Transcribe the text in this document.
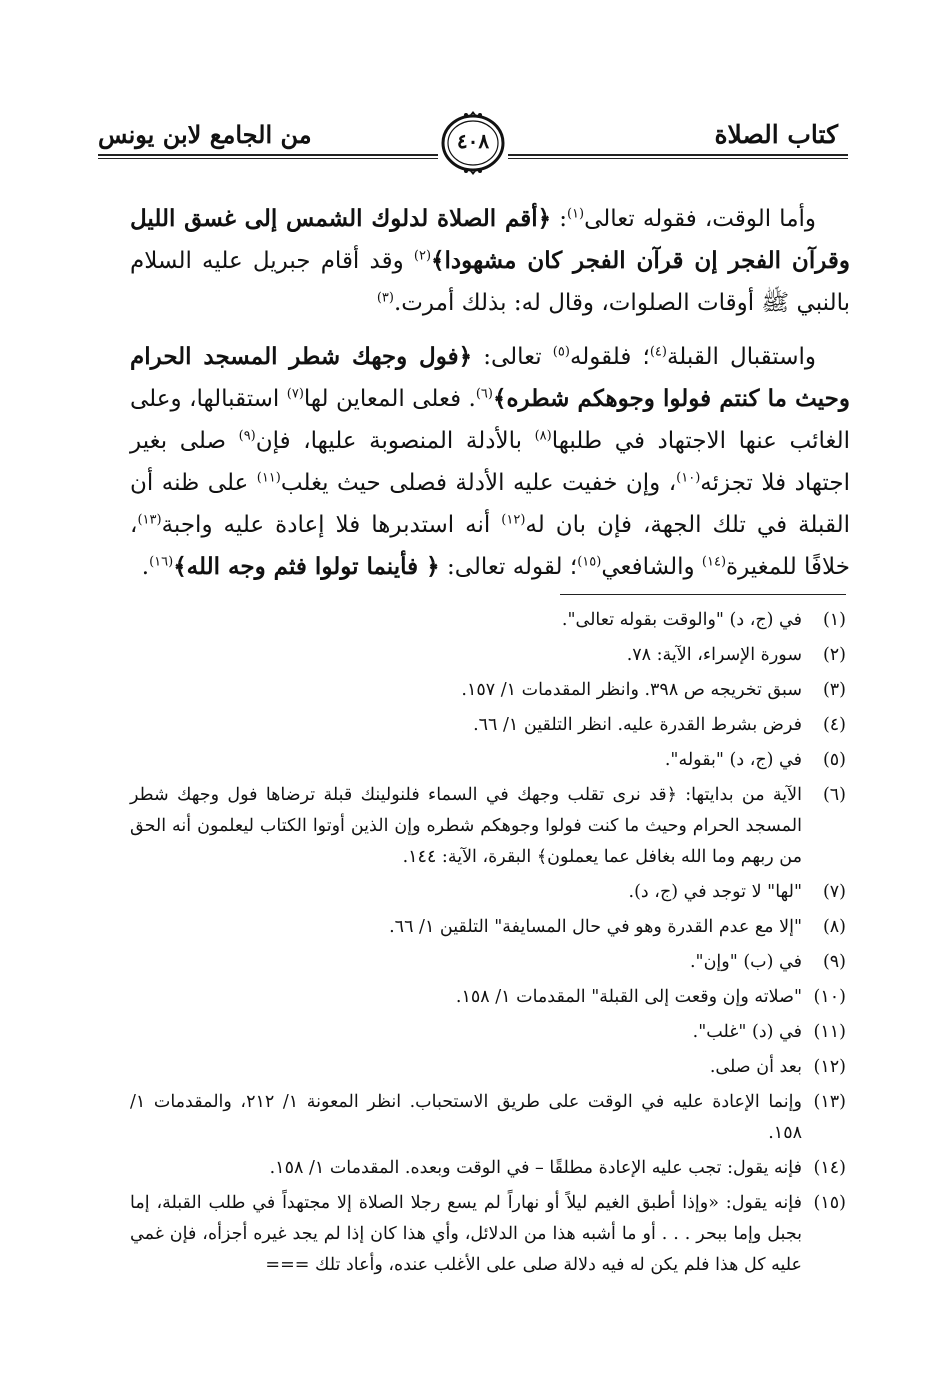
كتاب الصلاة
من الجامع لابن يونس	٤٠٨

وأما الوقت، فقوله تعالى$^{(١)}$: ﴿أقم الصلاة لدلوك الشمس إلى غسق الليل وقرآن الفجر إن قرآن الفجر كان مشهودا﴾$^{(٢)}$ وقد أقام جبريل عليه السلام بالنبي ﷺ أوقات الصلوات، وقال له: بذلك أمرت.$^{(٣)}$

واستقبال القبلة$^{(٤)}$؛ فلقوله$^{(٥)}$ تعالى: ﴿فول وجهك شطر المسجد الحرام وحيث ما كنتم فولوا وجوهكم شطره﴾$^{(٦)}$. فعلى المعاين لها$^{(٧)}$ استقبالها، وعلى الغائب عنها الاجتهاد في طلبها$^{(٨)}$ بالأدلة المنصوبة عليها، فإن$^{(٩)}$ صلى بغير اجتهاد فلا تجزئه$^{(١٠)}$، وإن خفيت عليه الأدلة فصلى حيث يغلب$^{(١١)}$ على ظنه أن القبلة في تلك الجهة، فإن بان له$^{(١٢)}$ أنه استدبرها فلا إعادة عليه واجبة$^{(١٣)}$، خلافًا للمغيرة$^{(١٤)}$ والشافعي$^{(١٥)}$؛ لقوله تعالى: ﴿ فأينما تولوا فثم وجه الله﴾$^{(١٦)}$.

(١)
في (ج، د) "والوقت بقوله تعالى".
(٢)
سورة الإسراء، الآية: ٧٨.
(٣)
سبق تخريجه ص ٣٩٨. وانظر المقدمات ١/ ١٥٧.
(٤)
فرض بشرط القدرة عليه. انظر التلقين ١/ ٦٦.
(٥)
في (ج، د) "بقوله".
(٦)
الآية من بدايتها: ﴿قد نرى تقلب وجهك في السماء فلنولينك قبلة ترضاها فول وجهك شطر المسجد الحرام وحيث ما كنت فولوا وجوهكم شطره وإن الذين أوتوا الكتاب ليعلمون أنه الحق من ربهم وما الله بغافل عما يعملون﴾ البقرة، الآية: ١٤٤.
(٧)
"لها" لا توجد في (ج، د).
(٨)
"إلا مع عدم القدرة وهو في حال المسايفة" التلقين ١/ ٦٦.
(٩)
في (ب) "وإن".
(١٠)
"صلاته وإن وقعت إلى القبلة" المقدمات ١/ ١٥٨.
(١١)
في (د) "غلب".
(١٢)
بعد أن صلى.
(١٣)
وإنما الإعادة عليه في الوقت على طريق الاستحباب. انظر المعونة ١/ ٢١٢، والمقدمات ١/ ١٥٨.
(١٤)
فإنه يقول: تجب عليه الإعادة مطلقًا – في الوقت وبعده. المقدمات ١/ ١٥٨.
(١٥)
فإنه يقول: «وإذا أطبق الغيم ليلاً أو نهاراً لم يسع رجلا الصلاة إلا مجتهداً في طلب القبلة، إما بجبل وإما ببحر . . . أو ما أشبه هذا من الدلائل، وأي هذا كان إذا لم يجد غيره أجزأه، فإن غمي عليه كل هذا فلم يكن له فيه دلالة صلى على الأغلب عنده، وأعاد تلك ===
